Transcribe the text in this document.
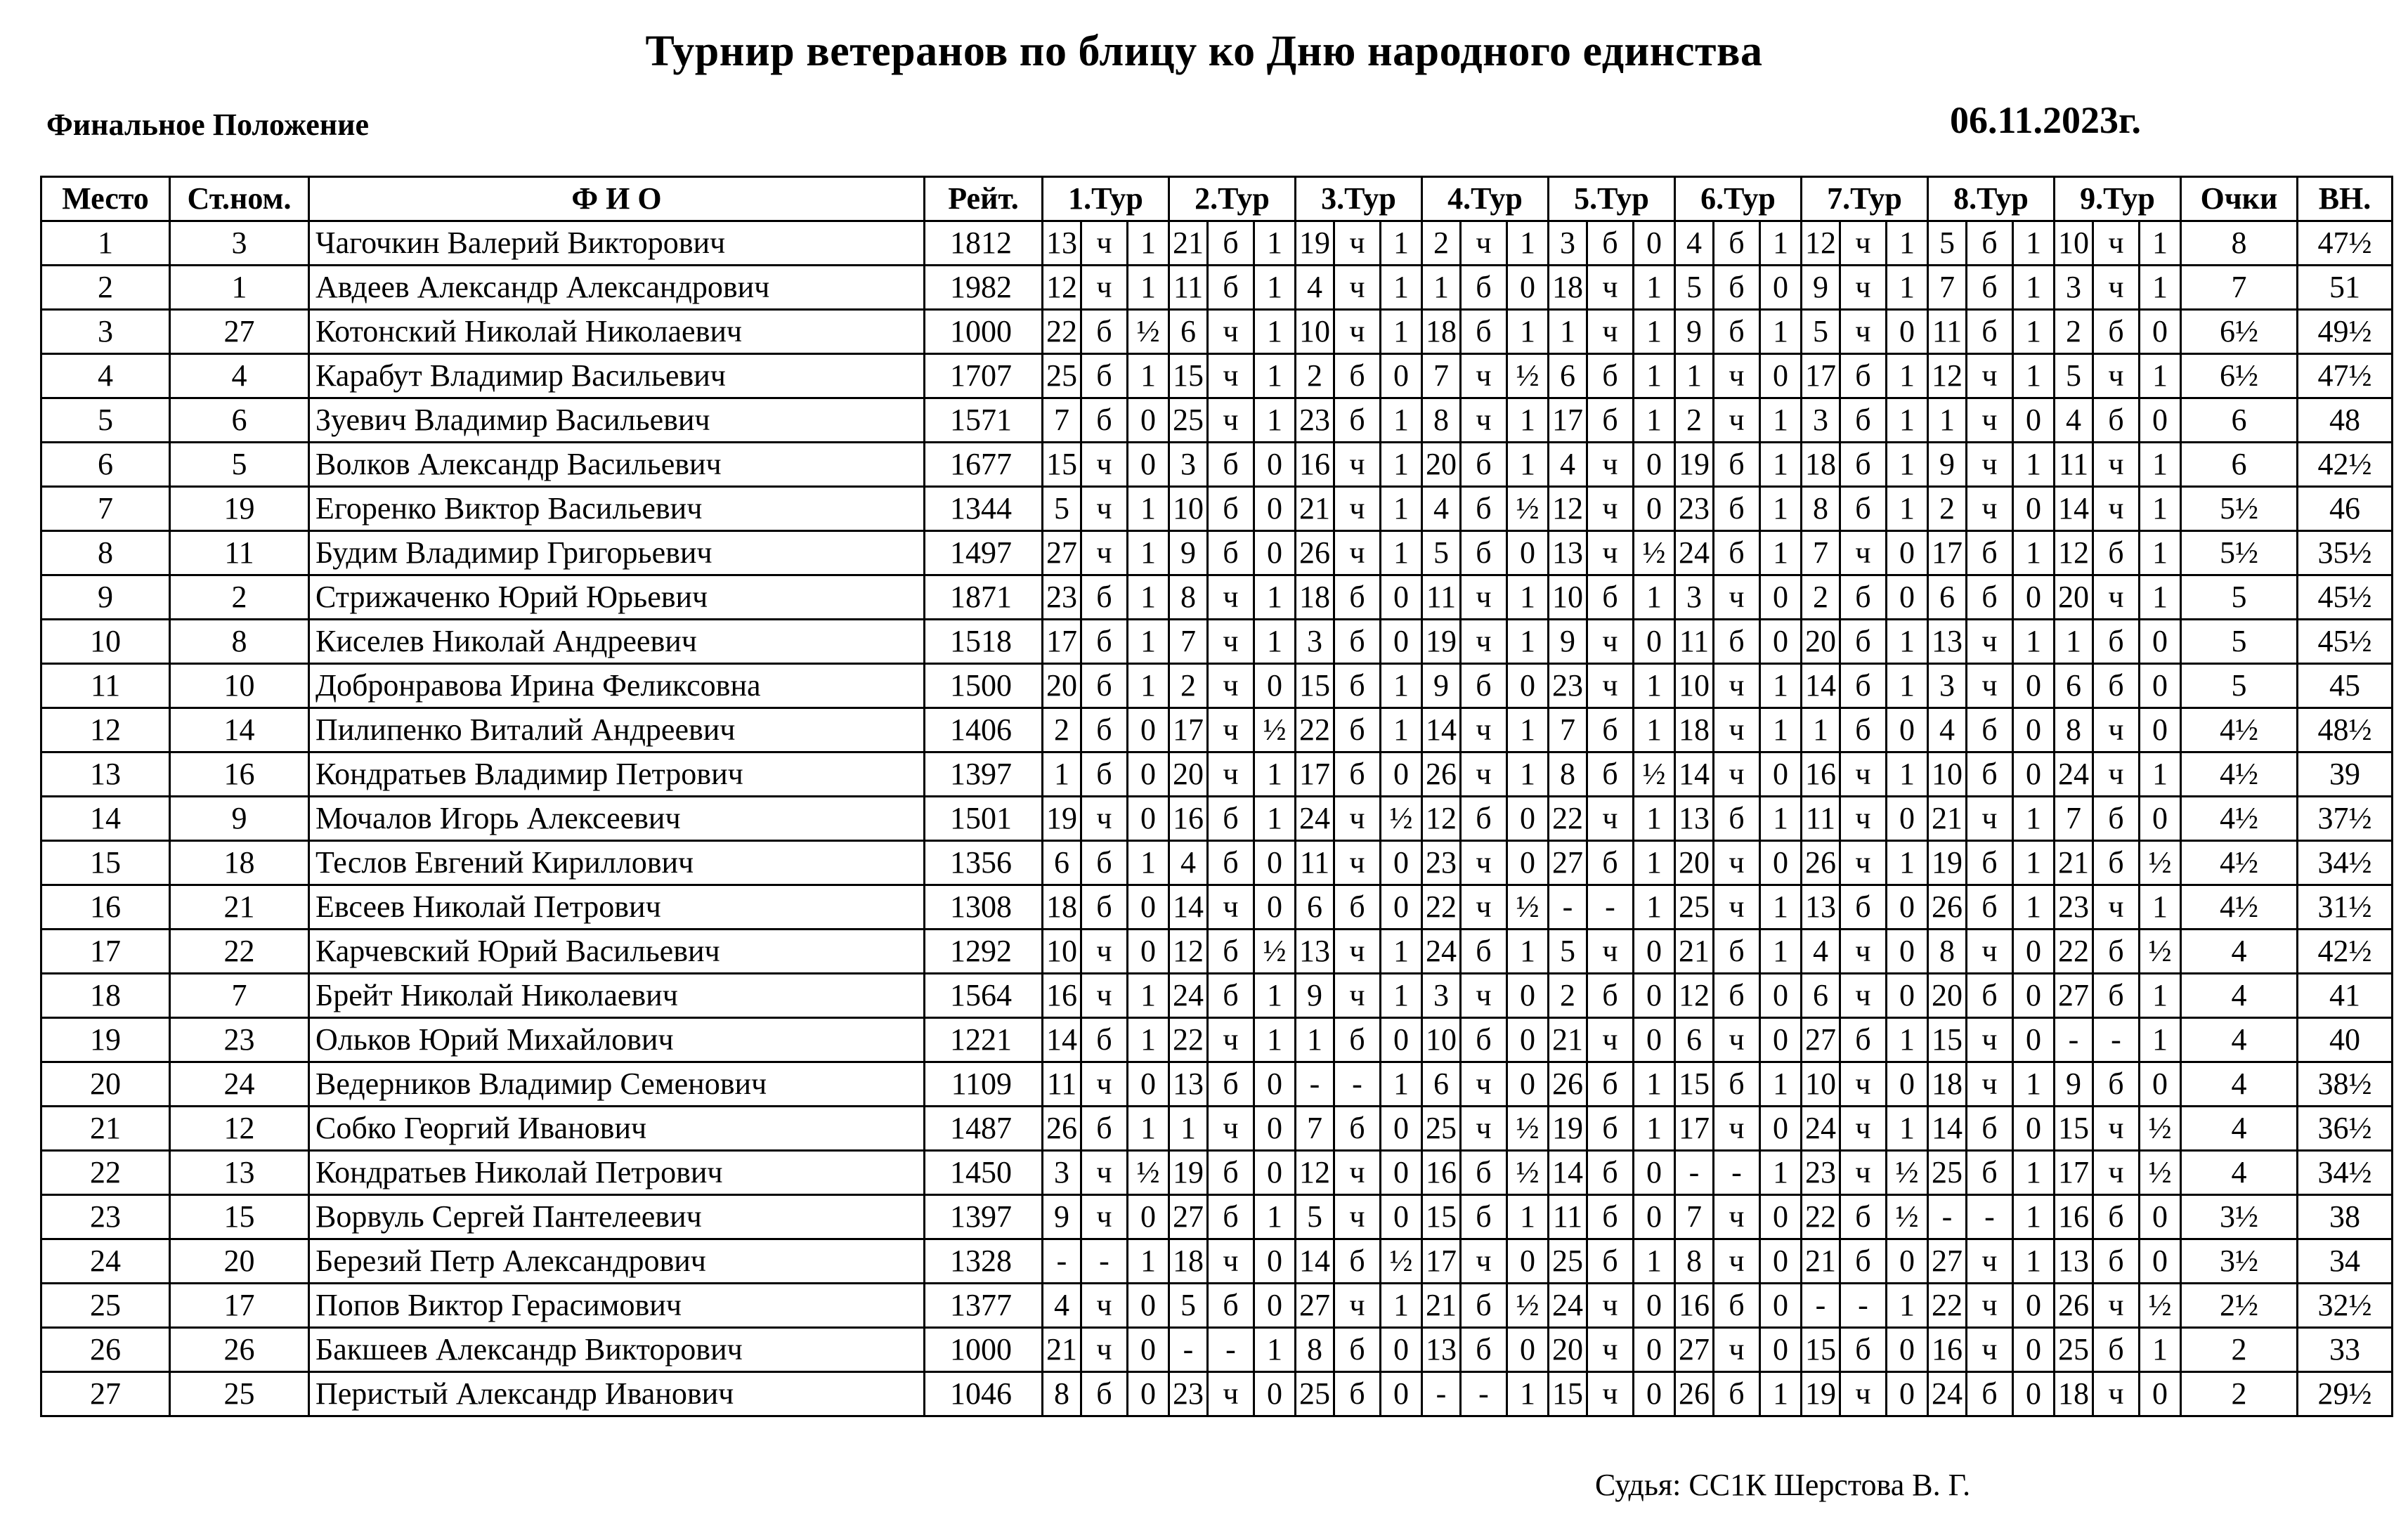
Турнир ветеранов по блицу ко Дню народного единства
Финальное Положение	06.11.2023г.
Место	Ст.ном.	Ф И О	Рейт.	1.Тур			2.Тур			3.Тур			4.Тур			5.Тур			6.Тур			7.Тур			8.Тур			9.Тур			Очки	ВН.
1	3	Чагочкин Валерий Викторович	1812	13	ч	1	21	б	1	19	ч	1	2	ч	1	3	б	0	4	б	1	12	ч	1	5	б	1	10	ч	1	8	47½
2	1	Авдеев Александр Александрович	1982	12	ч	1	11	б	1	4	ч	1	1	б	0	18	ч	1	5	б	0	9	ч	1	7	б	1	3	ч	1	7	51
3	27	Котонский Николай Николаевич	1000	22	б	½	6	ч	1	10	ч	1	18	б	1	1	ч	1	9	б	1	5	ч	0	11	б	1	2	б	0	6½	49½
4	4	Карабут Владимир Васильевич	1707	25	б	1	15	ч	1	2	б	0	7	ч	½	6	б	1	1	ч	0	17	б	1	12	ч	1	5	ч	1	6½	47½
5	6	Зуевич Владимир Васильевич	1571	7	б	0	25	ч	1	23	б	1	8	ч	1	17	б	1	2	ч	1	3	б	1	1	ч	0	4	б	0	6	48
6	5	Волков Александр Васильевич	1677	15	ч	0	3	б	0	16	ч	1	20	б	1	4	ч	0	19	б	1	18	б	1	9	ч	1	11	ч	1	6	42½
7	19	Егоренко Виктор Васильевич	1344	5	ч	1	10	б	0	21	ч	1	4	б	½	12	ч	0	23	б	1	8	б	1	2	ч	0	14	ч	1	5½	46
8	11	Будим Владимир Григорьевич	1497	27	ч	1	9	б	0	26	ч	1	5	б	0	13	ч	½	24	б	1	7	ч	0	17	б	1	12	б	1	5½	35½
9	2	Стрижаченко Юрий Юрьевич	1871	23	б	1	8	ч	1	18	б	0	11	ч	1	10	б	1	3	ч	0	2	б	0	6	б	0	20	ч	1	5	45½
10	8	Киселев Николай Андреевич	1518	17	б	1	7	ч	1	3	б	0	19	ч	1	9	ч	0	11	б	0	20	б	1	13	ч	1	1	б	0	5	45½
11	10	Добронравова Ирина Феликсовна	1500	20	б	1	2	ч	0	15	б	1	9	б	0	23	ч	1	10	ч	1	14	б	1	3	ч	0	6	б	0	5	45
12	14	Пилипенко Виталий Андреевич	1406	2	б	0	17	ч	½	22	б	1	14	ч	1	7	б	1	18	ч	1	1	б	0	4	б	0	8	ч	0	4½	48½
13	16	Кондратьев Владимир Петрович	1397	1	б	0	20	ч	1	17	б	0	26	ч	1	8	б	½	14	ч	0	16	ч	1	10	б	0	24	ч	1	4½	39
14	9	Мочалов Игорь Алексеевич	1501	19	ч	0	16	б	1	24	ч	½	12	б	0	22	ч	1	13	б	1	11	ч	0	21	ч	1	7	б	0	4½	37½
15	18	Теслов Евгений Кириллович	1356	6	б	1	4	б	0	11	ч	0	23	ч	0	27	б	1	20	ч	0	26	ч	1	19	б	1	21	б	½	4½	34½
16	21	Евсеев Николай Петрович	1308	18	б	0	14	ч	0	6	б	0	22	ч	½	-	-	1	25	ч	1	13	б	0	26	б	1	23	ч	1	4½	31½
17	22	Карчевский Юрий Васильевич	1292	10	ч	0	12	б	½	13	ч	1	24	б	1	5	ч	0	21	б	1	4	ч	0	8	ч	0	22	б	½	4	42½
18	7	Брейт Николай Николаевич	1564	16	ч	1	24	б	1	9	ч	1	3	ч	0	2	б	0	12	б	0	6	ч	0	20	б	0	27	б	1	4	41
19	23	Ольков Юрий Михайлович	1221	14	б	1	22	ч	1	1	б	0	10	б	0	21	ч	0	6	ч	0	27	б	1	15	ч	0	-	-	1	4	40
20	24	Ведерников Владимир Семенович	1109	11	ч	0	13	б	0	-	-	1	6	ч	0	26	б	1	15	б	1	10	ч	0	18	ч	1	9	б	0	4	38½
21	12	Собко Георгий Иванович	1487	26	б	1	1	ч	0	7	б	0	25	ч	½	19	б	1	17	ч	0	24	ч	1	14	б	0	15	ч	½	4	36½
22	13	Кондратьев Николай Петрович	1450	3	ч	½	19	б	0	12	ч	0	16	б	½	14	б	0	-	-	1	23	ч	½	25	б	1	17	ч	½	4	34½
23	15	Ворвуль Сергей Пантелеевич	1397	9	ч	0	27	б	1	5	ч	0	15	б	1	11	б	0	7	ч	0	22	б	½	-	-	1	16	б	0	3½	38
24	20	Березий Петр Александрович	1328	-	-	1	18	ч	0	14	б	½	17	ч	0	25	б	1	8	ч	0	21	б	0	27	ч	1	13	б	0	3½	34
25	17	Попов Виктор Герасимович	1377	4	ч	0	5	б	0	27	ч	1	21	б	½	24	ч	0	16	б	0	-	-	1	22	ч	0	26	ч	½	2½	32½
26	26	Бакшеев Александр Викторович	1000	21	ч	0	-	-	1	8	б	0	13	б	0	20	ч	0	27	ч	0	15	б	0	16	ч	0	25	б	1	2	33
27	25	Перистый Александр Иванович	1046	8	б	0	23	ч	0	25	б	0	-	-	1	15	ч	0	26	б	1	19	ч	0	24	б	0	18	ч	0	2	29½
Судья: СС1К Шерстова В. Г.
